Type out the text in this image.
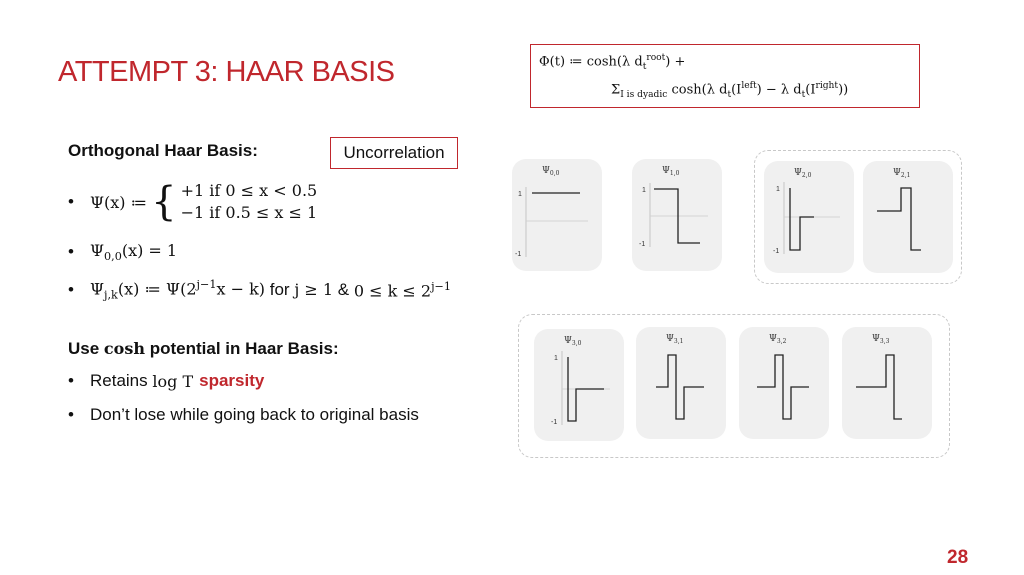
ATTEMPT 3: HAAR BASIS	Φ(t) ≔ cosh(λ $d_t^{root}$) +
$\Sigma_{I is dyadic}$ cosh(λ $d_t(I^{left}) - \lambda$ $d_t(I^{right})$)
Uncorrelation
Orthogonal Haar Basis:
•	Ψ(x) ≔ { +1 if 0 ≤ x < 0.5
−1 if 0.5 ≤ x ≤ 1
•	$\Psi_{0,0}(x) = 1$
•	$\Psi_{j,k}(x)$ ≔ $\Psi(2^{j-1}x - k)$ for j ≥ 1 & $0 \le k \le 2^{j-1}$
Use cosh potential in Haar Basis:
• Retains log T sparsity
• Don’t lose while going back to original basis
$\Psi_{0,0}$
1
-1
$\Psi_{1,0}$
1
-1
$\Psi_{2,0}$
1
-1
$\Psi_{2,1}$
$\Psi_{3,0}$
1
-1
$\Psi_{3,1}$	$\Psi_{3,2}$	$\Psi_{3,3}$
28
